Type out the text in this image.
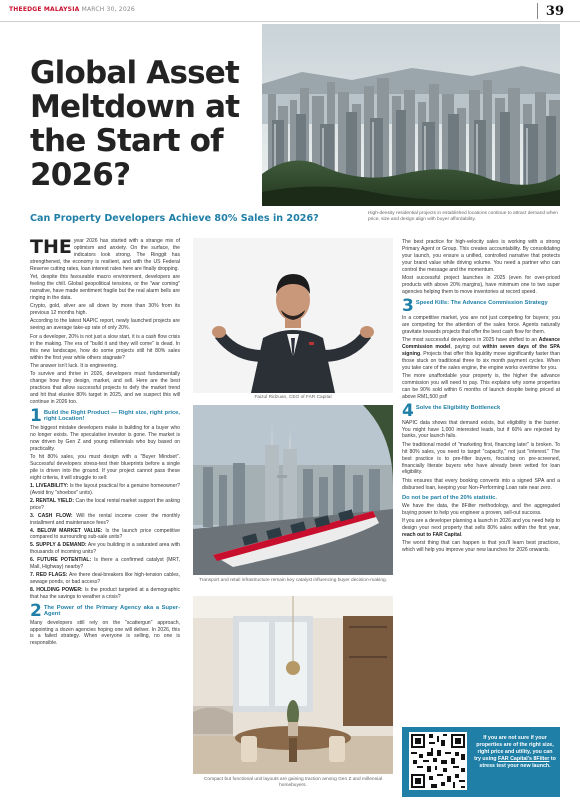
THEEDGE MALAYSIA MARCH 30, 2026	39
Global Asset Meltdown at the Start of 2026?
High-density residential projects in established locations continue to attract demand when price, size and design align with buyer affordability.
Can Property Developers Achieve 80% Sales in 2026?

THE year 2026 has started with a strange mix of optimism and anxiety. On the surface, the indicators look strong. The Ringgit has strengthened, the economy is resilient, and with the US Federal Reserve cutting rates, loan interest rates here are finally dropping.

Yet, despite this favourable macro environment, developers are feeling the chill. Global geopolitical tensions, or the "war coming" narrative, have made sentiment fragile but the real alarm bells are ringing in the data.

Crypto, gold, silver are all down by more than 30% from its previous 12 months high.

According to the latest NAPIC report, newly launched projects are seeing an average take-up rate of only 20%.

For a developer, 20% is not just a slow start, it is a cash flow crisis in the making. The era of "build it and they will come" is dead. In this new landscape, how do some projects still hit 80% sales within the first year while others stagnate?

The answer isn't luck. It is engineering.

To survive and thrive in 2026, developers must fundamentally change how they design, market, and sell. Here are the best practices that allow successful projects to defy the market trend and hit that elusive 80% target in 2025, and we suspect this will continue in 2026 too.

1 Build the Right Product — Right size, right price, right Location!

The biggest mistake developers make is building for a buyer who no longer exists. The speculative investor is gone. The market is now driven by Gen Z and young millennials who buy based on practicality.

To hit 80% sales, you must design with a "Buyer Mindset". Successful developers stress-test their blueprints before a single pile is driven into the ground. If your project cannot pass these eight criteria, it will struggle to sell:

1. LIVEABILITY: Is the layout practical for a genuine homeowner? (Avoid tiny "shoebox" units).
2. RENTAL YIELD: Can the local rental market support the asking price?
3. CASH FLOW: Will the rental income cover the monthly installment and maintenance fees?
4. BELOW MARKET VALUE: Is the launch price competitive compared to surrounding sub-sale units?
5. SUPPLY & DEMAND: Are you building in a saturated area with thousands of incoming units?
6. FUTURE POTENTIAL: Is there a confirmed catalyst (MRT, Mall, Highway) nearby?
7. RED FLAGS: Are there deal-breakers like high-tension cables, sewage ponds, or bad access?
8. HOLDING POWER: Is the product targeted at a demographic that has the savings to weather a crisis?
2 The Power of the Primary Agency aka a Super-Agent

Many developers still rely on the "scattergun" approach, appointing a dozen agencies hoping one will deliver. In 2026, this is a failed strategy. When everyone is selling, no one is responsible.

Faizul Ridzuan, CEO of FAR Capital
Transport and retail infrastructure remain key catalyst influencing buyer decision-making.
Compact but functional unit layouts are gaining traction among Gen Z and millennial homebuyers.

The best practice for high-velocity sales is working with a strong Primary Agent or Group. This creates accountability. By consolidating your launch, you ensure a unified, controlled narrative that protects your brand value while driving volume. You need a partner who can control the message and the momentum.

Most successful project launches in 2025 (even for over-priced products with above 20% margins), have minimum one to two super agencies helping them to move inventories at record speed.

3 Speed Kills: The Advance Commission Strategy

In a competitive market, you are not just competing for buyers; you are competing for the attention of the sales force. Agents naturally gravitate towards projects that offer the best cash flow for them.

The most successful developers in 2025 have shifted to an Advance Commission model, paying out within seven days of the SPA signing. Projects that offer this liquidity move significantly faster than those stuck on traditional three to six month payment cycles. When you take care of the sales engine, the engine works overtime for you.

The more unaffordable your property is, the higher the advance commission you will need to pay. This explains why some properties can be 90% sold within 6 months of launch despite being priced at above RM1,500 psf!

4 Solve the Eligibility Bottleneck

NAPIC data shows that demand exists, but eligibility is the barrier. You might have 1,000 interested leads, but if 60% are rejected by banks, your launch fails.

The traditional model of "marketing first, financing later" is broken. To hit 80% sales, you need to target "capacity," not just "interest." The best practice is to pre-filter buyers, focusing on pre-screened, financially literate buyers who have already been vetted for loan eligibility.

This ensures that every booking converts into a signed SPA and a disbursed loan, keeping your Non-Performing Loan rate near zero.

Do not be part of the 20% statistic.

We have the data, the 8Filter methodology, and the aggregated buying power to help you engineer a proven, sell-out success.

If you are a developer planning a launch in 2026 and you need help to design your next property that sells 80% sales within the first year, reach out to FAR Capital.

The worst thing that can happen is that you'll learn best practices, which will help you improve your new launches for 2026 onwards.

If you are not sure if your properties are of the right size, right price and utility, you can try using FAR Capital's 8Filter to stress test your new launch.
